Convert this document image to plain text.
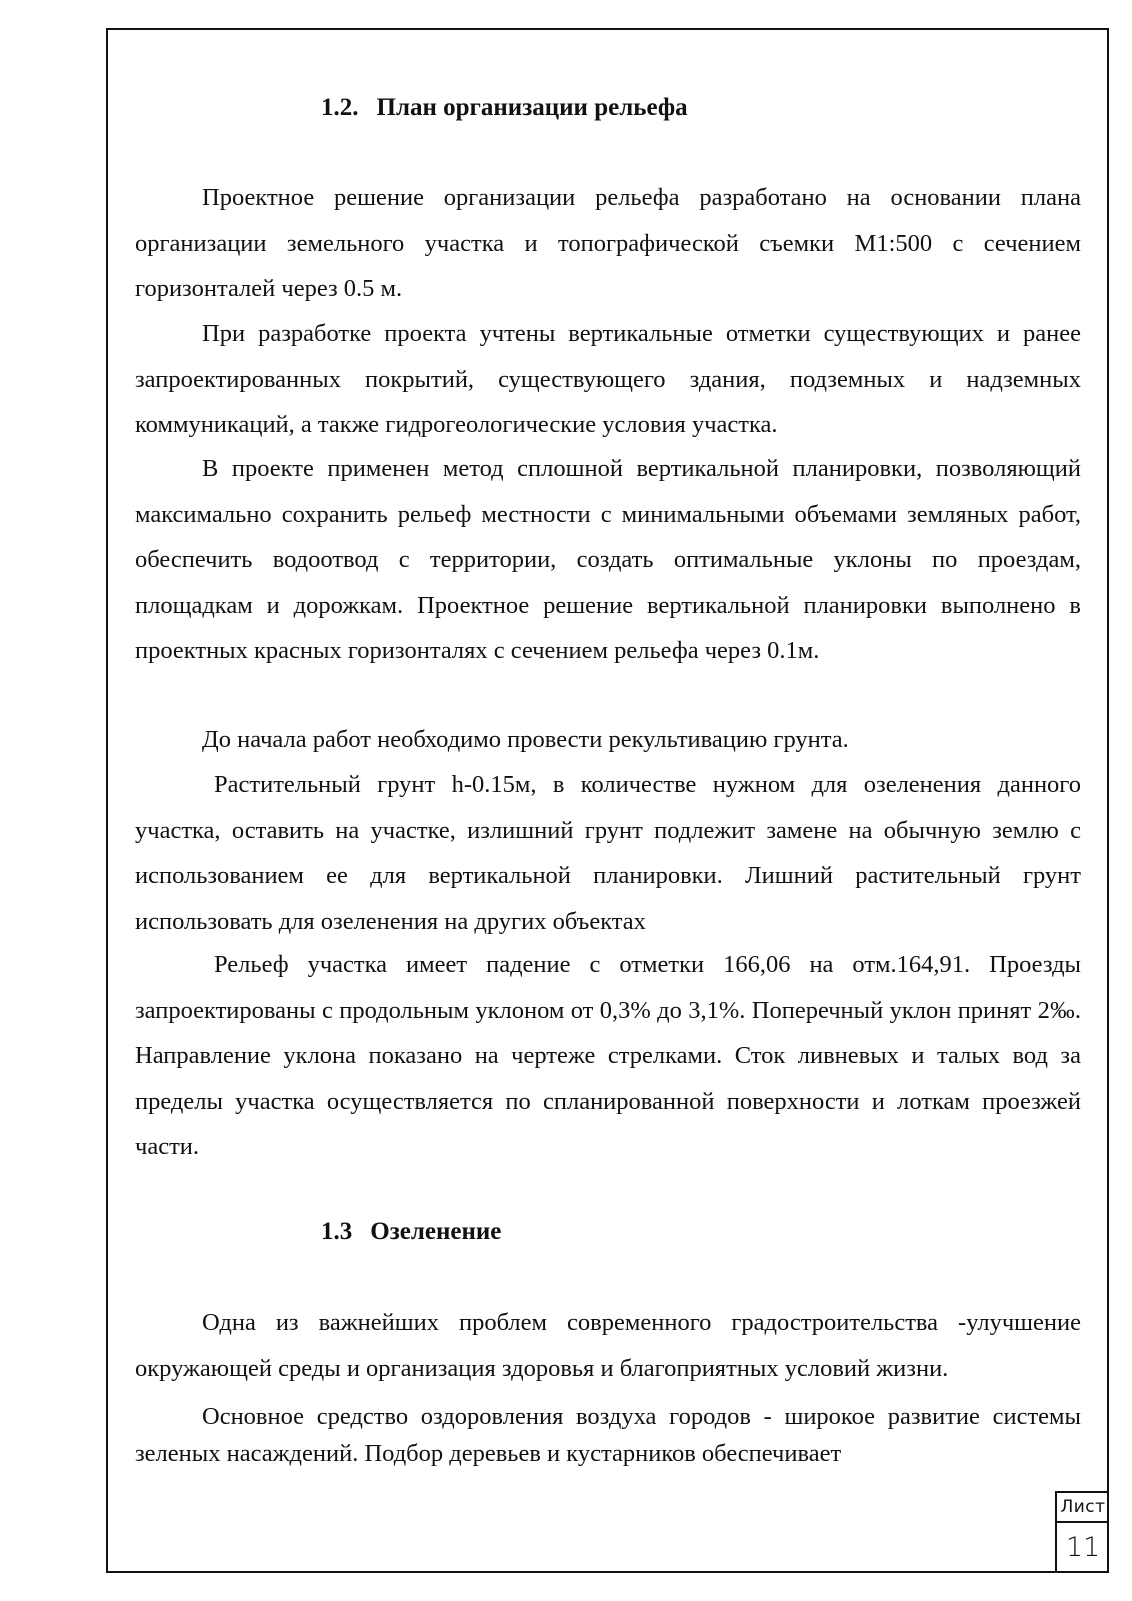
1.2. План организации рельефа

Проектное решение организации рельефа разработано на основании плана организации земельного участка и топографической съемки М1:500 с сечением горизонталей через 0.5 м.

При разработке проекта учтены вертикальные отметки существующих и ранее запроектированных покрытий, существующего здания, подземных и надземных коммуникаций, а также гидрогеологические условия участка.

В проекте применен метод сплошной вертикальной планировки, позволяющий максимально сохранить рельеф местности с минимальными объемами земляных работ, обеспечить водоотвод с территории, создать оптимальные уклоны по проездам, площадкам и дорожкам. Проектное решение вертикальной планировки выполнено в проектных красных горизонталях с сечением рельефа через 0.1м.

До начала работ необходимо провести рекультивацию грунта.

Растительный грунт h-0.15м, в количестве нужном для озеленения данного участка, оставить на участке, излишний грунт подлежит замене на обычную землю с использованием ее для вертикальной планировки. Лишний растительный грунт использовать для озеленения на других объектах

Рельеф участка имеет падение с отметки 166,06 на отм.164,91. Проезды запроектированы с продольным уклоном от 0,3% до 3,1%. Поперечный уклон принят 2‰. Направление уклона показано на чертеже стрелками. Сток ливневых и талых вод за пределы участка осуществляется по спланированной поверхности и лоткам проезжей части.

1.3 Озеленение

Одна из важнейших проблем современного градостроительства -улучшение окружающей среды и организация здоровья и благоприятных условий жизни.

Основное средство оздоровления воздуха городов - широкое развитие системы зеленых насаждений. Подбор деревьев и кустарников обеспечивает

Лист
11
